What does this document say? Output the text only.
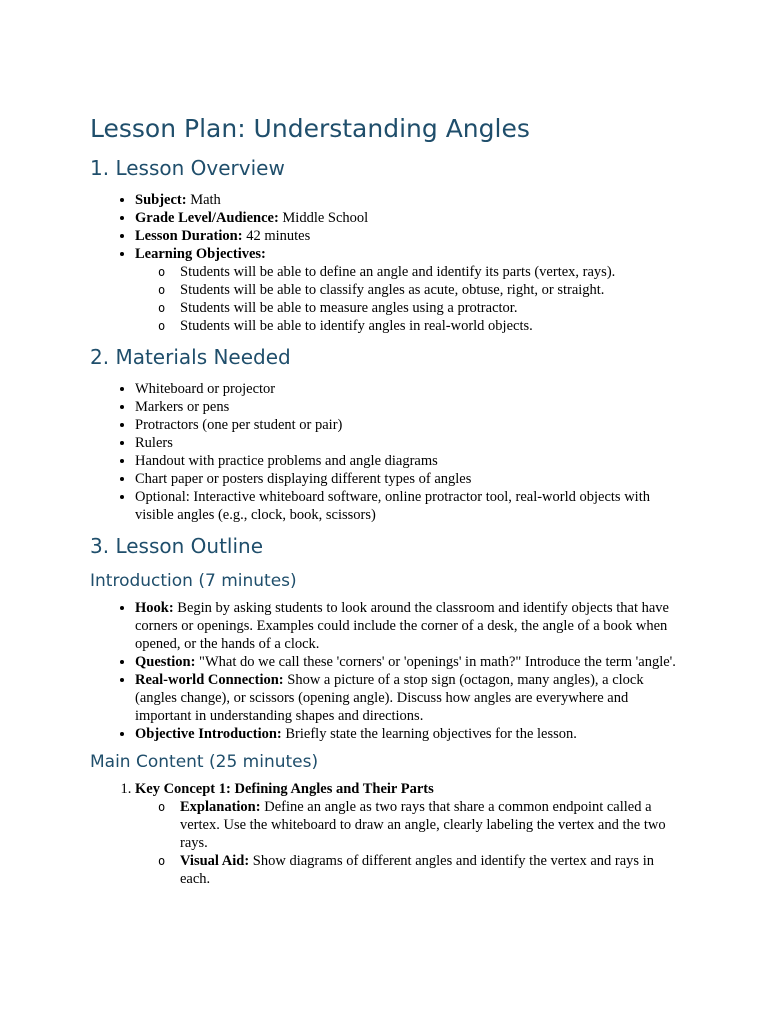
Lesson Plan: Understanding Angles
1. Lesson Overview
• Subject: Math
• Grade Level/Audience: Middle School
• Lesson Duration: 42 minutes
• Learning Objectives:
o Students will be able to define an angle and identify its parts (vertex, rays).
o Students will be able to classify angles as acute, obtuse, right, or straight.
o Students will be able to measure angles using a protractor.
o Students will be able to identify angles in real-world objects.
2. Materials Needed
• Whiteboard or projector
• Markers or pens
• Protractors (one per student or pair)
• Rulers
• Handout with practice problems and angle diagrams
• Chart paper or posters displaying different types of angles
• Optional: Interactive whiteboard software, online protractor tool, real-world objects with visible angles (e.g., clock, book, scissors)
3. Lesson Outline
Introduction (7 minutes)
• Hook: Begin by asking students to look around the classroom and identify objects that have corners or openings. Examples could include the corner of a desk, the angle of a book when opened, or the hands of a clock.
• Question: "What do we call these 'corners' or 'openings' in math?" Introduce the term 'angle'.
• Real-world Connection: Show a picture of a stop sign (octagon, many angles), a clock (angles change), or scissors (opening angle). Discuss how angles are everywhere and important in understanding shapes and directions.
• Objective Introduction: Briefly state the learning objectives for the lesson.
Main Content (25 minutes)
1. Key Concept 1: Defining Angles and Their Parts
o Explanation: Define an angle as two rays that share a common endpoint called a vertex. Use the whiteboard to draw an angle, clearly labeling the vertex and the two rays.
o Visual Aid: Show diagrams of different angles and identify the vertex and rays in each.
